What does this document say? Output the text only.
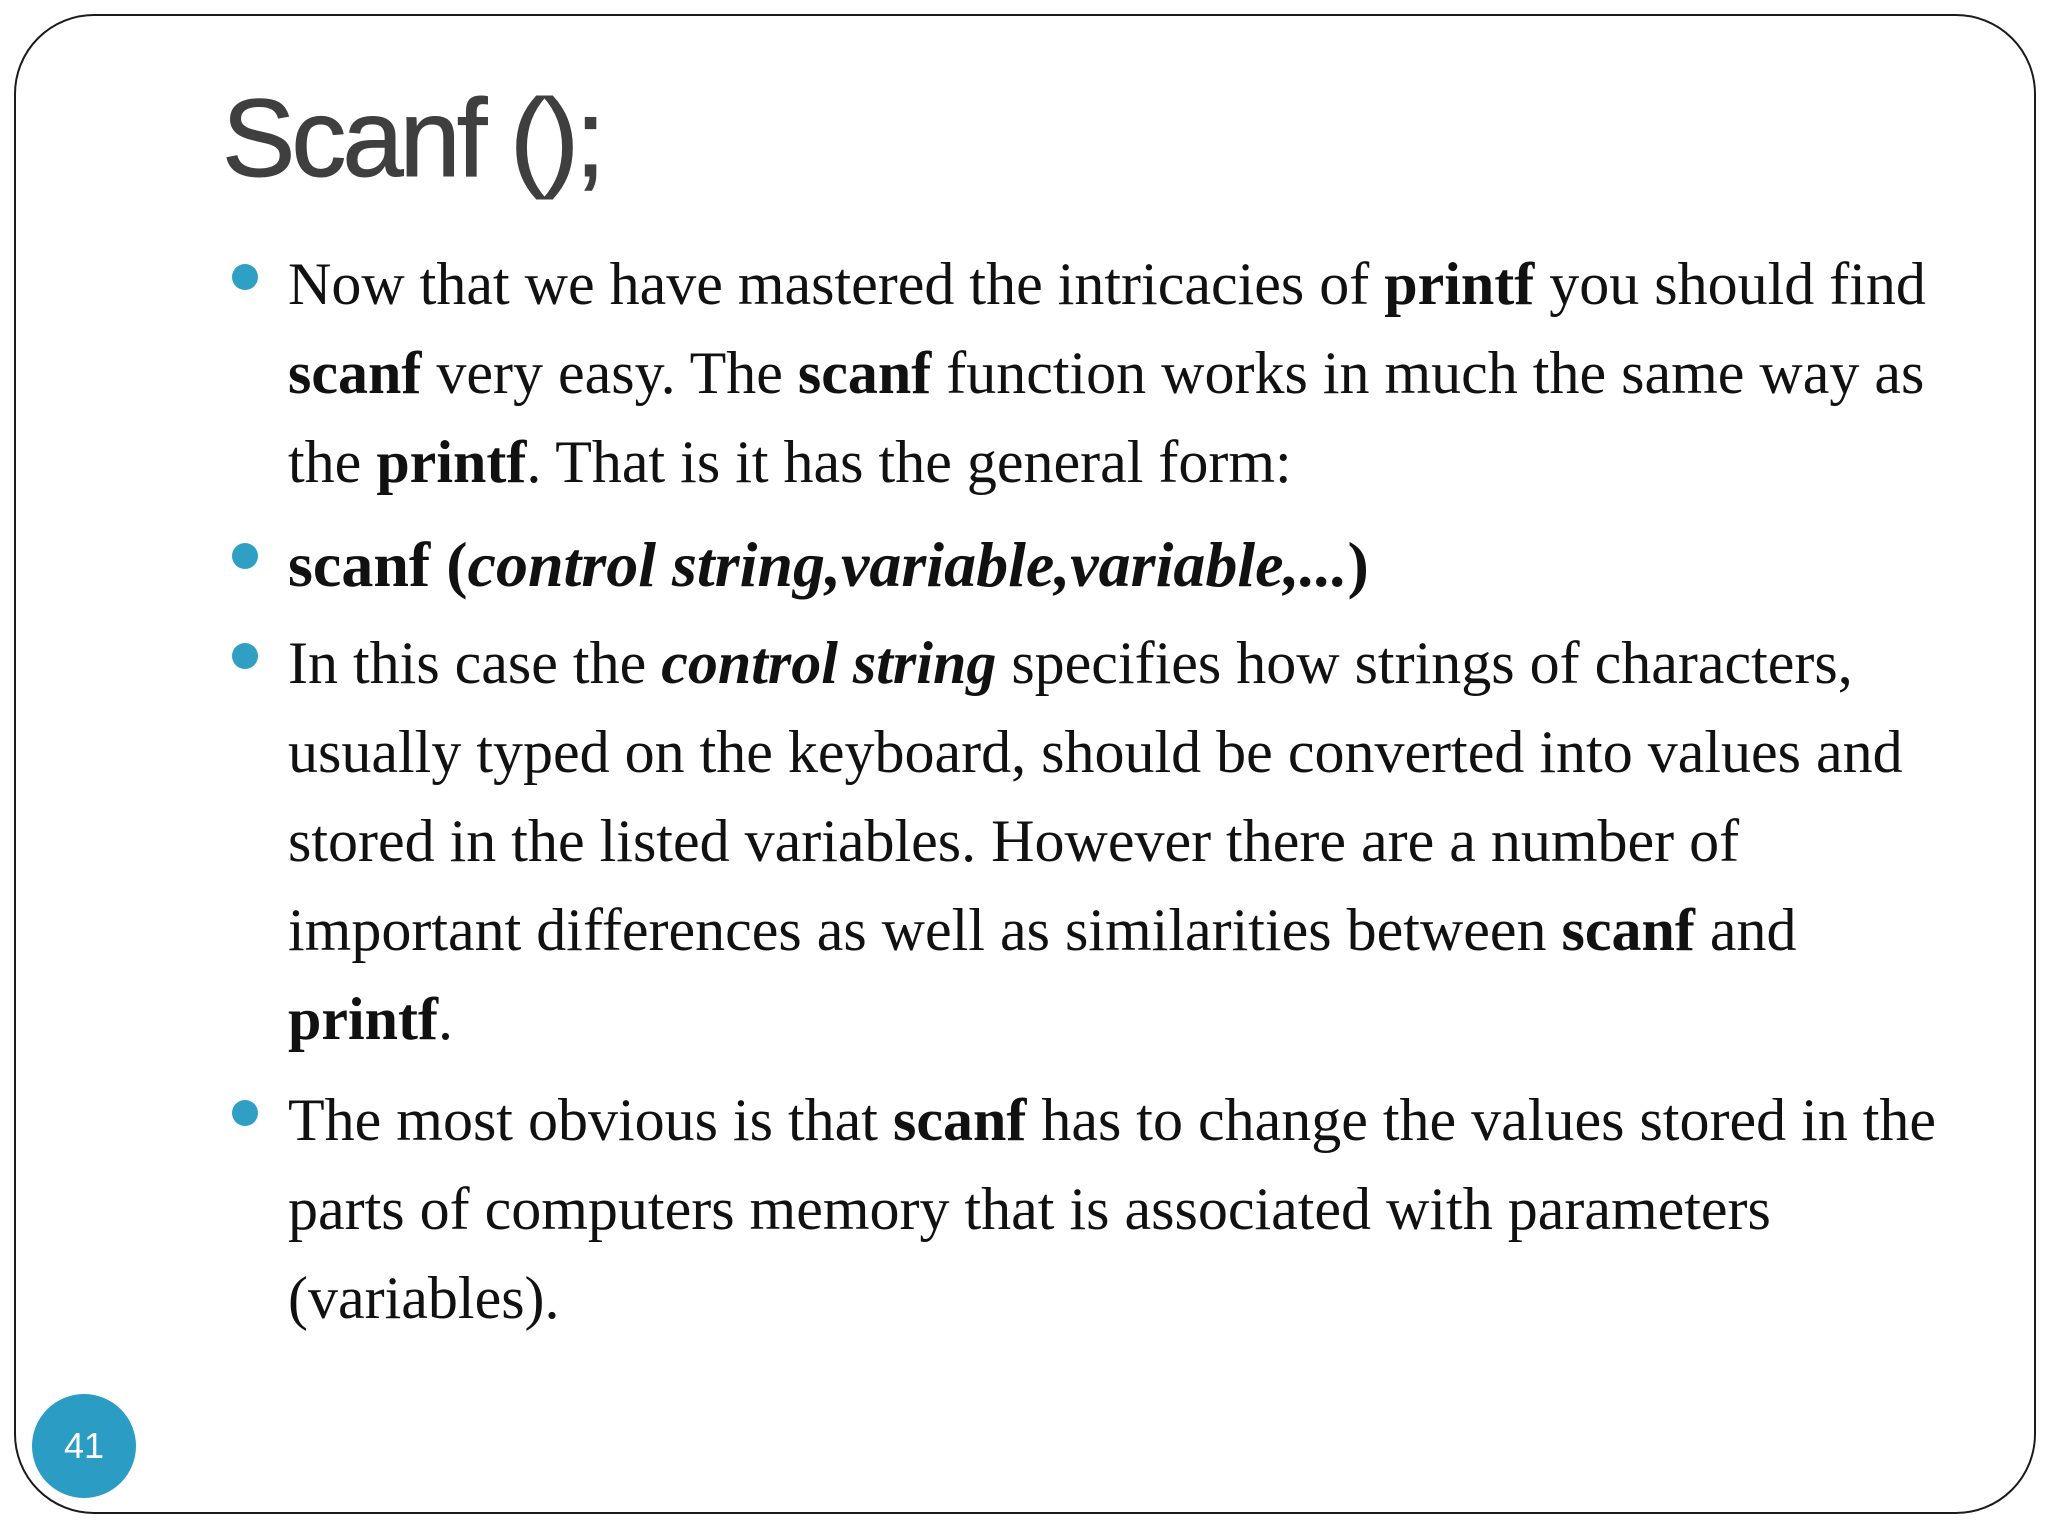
Scanf ();
Now that we have mastered the intricacies of printf you should find scanf very easy. The scanf function works in much the same way as the printf. That is it has the general form:
scanf (control string,variable,variable,...)
In this case the control string specifies how strings of characters, usually typed on the keyboard, should be converted into values and stored in the listed variables. However there are a number of important differences as well as similarities between scanf and printf.
The most obvious is that scanf has to change the values stored in the parts of computers memory that is associated with parameters (variables).
41
